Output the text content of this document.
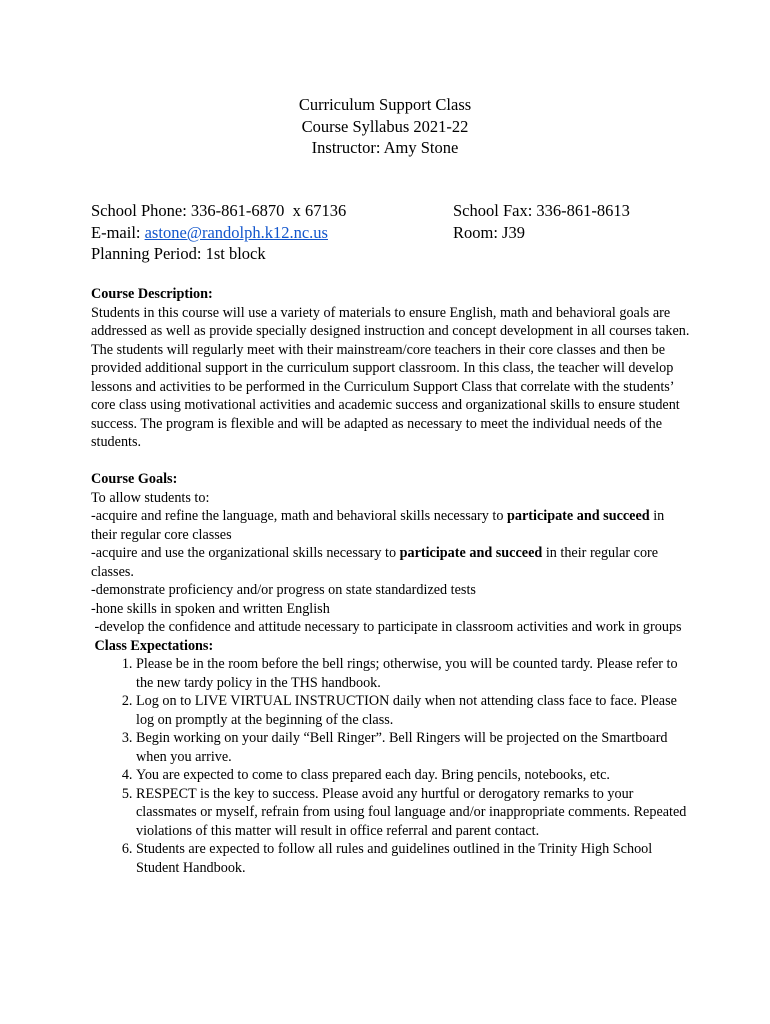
Curriculum Support Class
Course Syllabus 2021-22
Instructor: Amy Stone
School Phone: 336-861-6870  x 67136	School Fax: 336-861-8613
E-mail: astone@randolph.k12.nc.us	Room: J39
Planning Period: 1st block

Course Description:

Students in this course will use a variety of materials to ensure English, math and behavioral goals are addressed as well as provide specially designed instruction and concept development in all courses taken. The students will regularly meet with their mainstream/core teachers in their core classes and then be provided additional support in the curriculum support classroom. In this class, the teacher will develop lessons and activities to be performed in the Curriculum Support Class that correlate with the students’ core class using motivational activities and academic success and organizational skills to ensure student success. The program is flexible and will be adapted as necessary to meet the individual needs of the students.

Course Goals:

To allow students to:

-acquire and refine the language, math and behavioral skills necessary to participate and succeed in their regular core classes

-acquire and use the organizational skills necessary to participate and succeed in their regular core classes.

-demonstrate proficiency and/or progress on state standardized tests

-hone skills in spoken and written English

-develop the confidence and attitude necessary to participate in classroom activities and work in groups

Class Expectations:

1. Please be in the room before the bell rings; otherwise, you will be counted tardy. Please refer to the new tardy policy in the THS handbook.
2. Log on to LIVE VIRTUAL INSTRUCTION daily when not attending class face to face. Please log on promptly at the beginning of the class.
3. Begin working on your daily “Bell Ringer”. Bell Ringers will be projected on the Smartboard when you arrive.
4. You are expected to come to class prepared each day. Bring pencils, notebooks, etc.
5. RESPECT is the key to success. Please avoid any hurtful or derogatory remarks to your classmates or myself, refrain from using foul language and/or inappropriate comments. Repeated violations of this matter will result in office referral and parent contact.
6. Students are expected to follow all rules and guidelines outlined in the Trinity High School Student Handbook.
